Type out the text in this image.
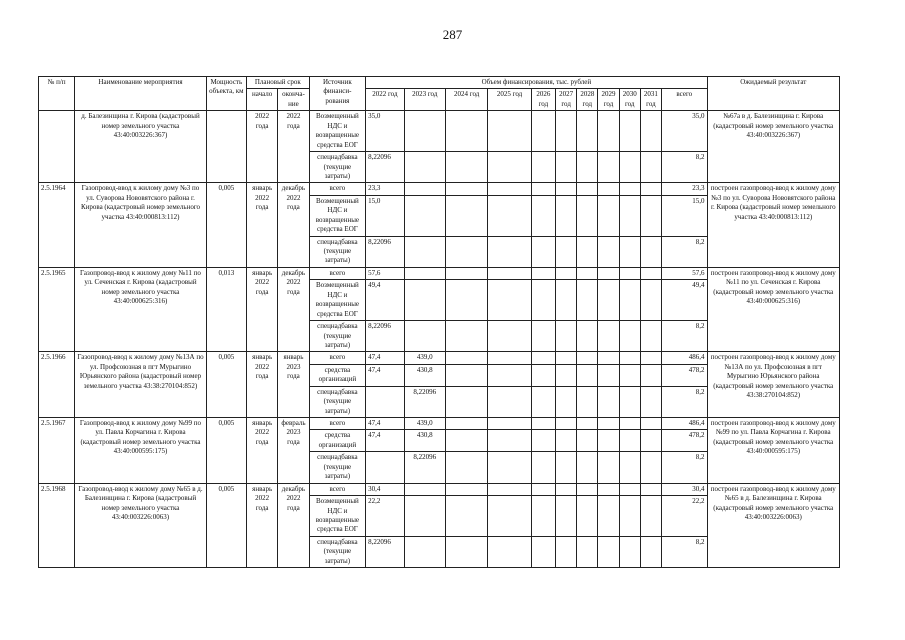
287
№ п/п	Наименование мероприятия	Мощность объекта, км	Плановый срок		Источник финанси-рования	Объем финансирования, тыс. рублей											Ожидаемый результат
			начало	оконча-ние		2022 год	2023 год	2024 год	2025 год	2026 год	2027 год	2028 год	2029 год	2030 год	2031 год	всего	
	д. Балезинщина г. Кирова (кадастровый номер земельного участка 43:40:003226:367)		2022 года	2022 года	Возмещенный НДС и возвращенные средства ЕОГ	35,0										35,0	№67а в д. Балезинщина г. Кирова (кадастровый номер земельного участка 43:40:003226:367)
					спецнадбавка (текущие затраты)	8,22096										8,2	
2.5.1964	Газопровод-ввод к жилому дому №3 по ул. Суворова Нововятского района г. Кирова (кадастровый номер земельного участка 43:40:000813:112)	0,005	январь 2022 года	декабрь 2022 года	всего	23,3										23,3	построен газопровод-ввод к жилому дому №3 по ул. Суворова Нововятского района г. Кирова (кадастровый номер земельного участка 43:40:000813:112)
					Возмещенный НДС и возвращенные средства ЕОГ	15,0										15,0	
					спецнадбавка (текущие затраты)	8,22096										8,2	
2.5.1965	Газопровод-ввод к жилому дому №11 по ул. Сеченская г. Кирова (кадастровый номер земельного участка 43:40:000625:316)	0,013	январь 2022 года	декабрь 2022 года	всего	57,6										57,6	построен газопровод-ввод к жилому дому №11 по ул. Сеченская г. Кирова (кадастровый номер земельного участка 43:40:000625:316)
					Возмещенный НДС и возвращенные средства ЕОГ	49,4										49,4	
					спецнадбавка (текущие затраты)	8,22096										8,2	
2.5.1966	Газопровод-ввод к жилому дому №13А по ул. Профсоюзная в пгт Мурыгино Юрьянского района (кадастровый номер земельного участка 43:38:270104:852)	0,005	январь 2022 года	январь 2023 года	всего	47,4	439,0									486,4	построен газопровод-ввод к жилому дому №13А по ул. Профсоюзная в пгт Мурыгино Юрьянского района (кадастровый номер земельного участка 43:38:270104:852)
					средства организаций	47,4	430,8									478,2	
					спецнадбавка (текущие затраты)		8,22096									8,2	
2.5.1967	Газопровод-ввод к жилому дому №99 по ул. Павла Корчагина г. Кирова (кадастровый номер земельного участка 43:40:000595:175)	0,005	январь 2022 года	февраль 2023 года	всего	47,4	439,0									486,4	построен газопровод-ввод к жилому дому №99 по ул. Павла Корчагина г. Кирова (кадастровый номер земельного участка 43:40:000595:175)
					средства организаций	47,4	430,8									478,2	
					спецнадбавка (текущие затраты)		8,22096									8,2	
2.5.1968	Газопровод-ввод к жилому дому №65 в д. Балезинщина г. Кирова (кадастровый номер земельного участка 43:40:003226:0063)	0,005	январь 2022 года	декабрь 2022 года	всего	30,4										30,4	построен газопровод-ввод к жилому дому №65 в д. Балезинщина г. Кирова (кадастровый номер земельного участка 43:40:003226:0063)
					Возмещенный НДС и возвращенные средства ЕОГ	22,2										22,2	
					спецнадбавка (текущие затраты)	8,22096										8,2	
